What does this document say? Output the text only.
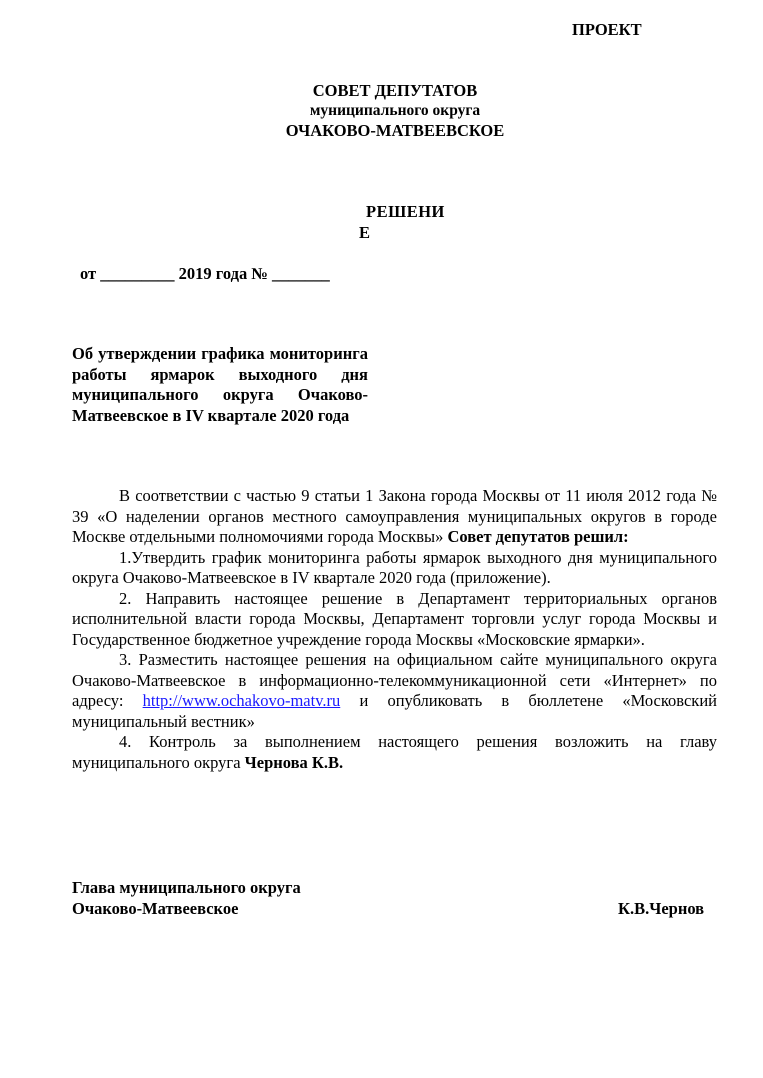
ПРОЕКТ
СОВЕТ ДЕПУТАТОВ
муниципального округа
ОЧАКОВО-МАТВЕЕВСКОЕ
РЕШЕНИ
Е
от _________ 2019 года № _______
Об утверждении графика мониторинга работы ярмарок выходного дня муниципального округа Очаково-Матвеевское в IV квартале 2020 года

В соответствии с частью 9 статьи 1 Закона города Москвы от 11 июля 2012 года № 39 «О наделении органов местного самоуправления муниципальных округов в городе Москве отдельными полномочиями города Москвы» Совет депутатов решил:

1.Утвердить график мониторинга работы ярмарок выходного дня муниципального округа Очаково-Матвеевское в IV квартале 2020 года (приложение).

2. Направить настоящее решение в Департамент территориальных органов исполнительной власти города Москвы, Департамент торговли услуг города Москвы и Государственное бюджетное учреждение города Москвы «Московские ярмарки».

3. Разместить настоящее решения на официальном сайте муниципального округа Очаково-Матвеевское в информационно-телекоммуникационной сети «Интернет» по адресу: http://www.ochakovo-matv.ru и опубликовать в бюллетене «Московский муниципальный вестник»

4. Контроль за выполнением настоящего решения возложить на главу муниципального округа Чернова К.В.

Глава муниципального округа
Очаково-Матвеевское	К.В.Чернов
